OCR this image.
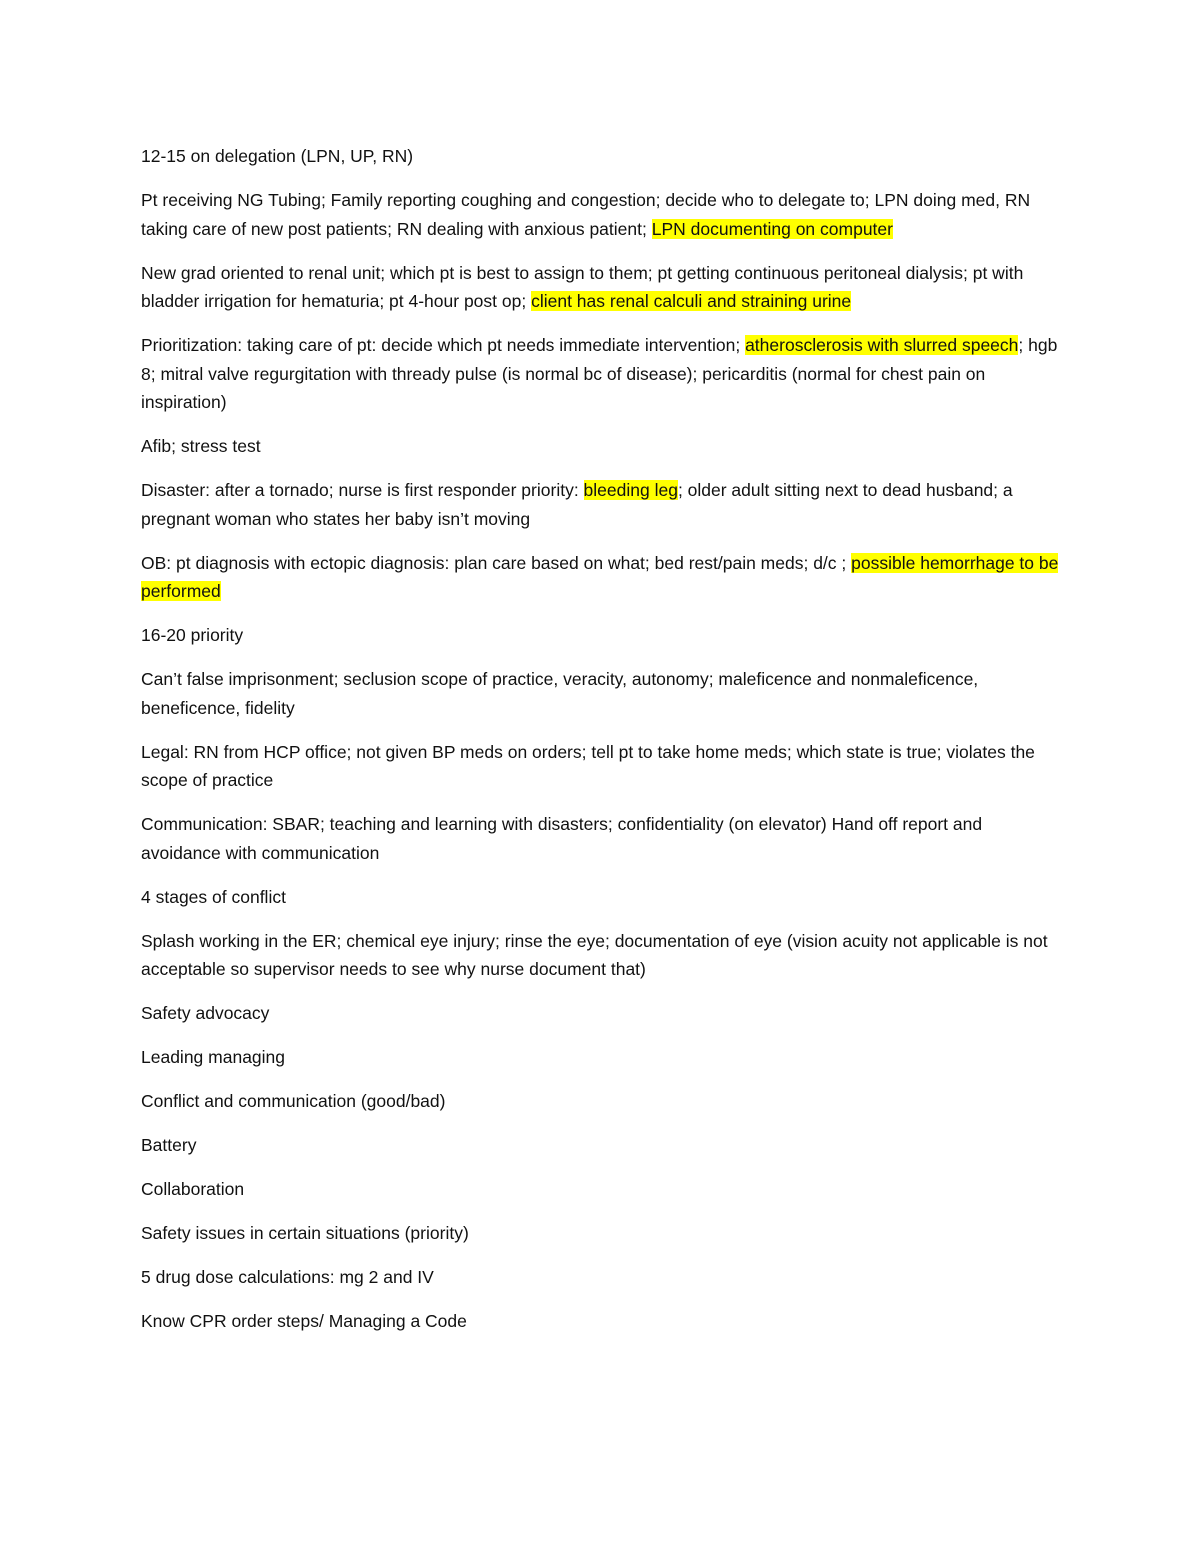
12-15 on delegation (LPN, UP, RN)

Pt receiving NG Tubing; Family reporting coughing and congestion; decide who to delegate to; LPN doing med, RN taking care of new post patients; RN dealing with anxious patient; LPN documenting on computer

New grad oriented to renal unit; which pt is best to assign to them; pt getting continuous peritoneal dialysis; pt with bladder irrigation for hematuria; pt 4-hour post op; client has renal calculi and straining urine

Prioritization: taking care of pt: decide which pt needs immediate intervention; atherosclerosis with slurred speech; hgb 8; mitral valve regurgitation with thready pulse (is normal bc of disease); pericarditis (normal for chest pain on inspiration)

Afib; stress test

Disaster: after a tornado; nurse is first responder priority: bleeding leg; older adult sitting next to dead husband; a pregnant woman who states her baby isn’t moving

OB: pt diagnosis with ectopic diagnosis: plan care based on what; bed rest/pain meds; d/c ; possible hemorrhage to be performed

16-20 priority

Can’t false imprisonment; seclusion scope of practice, veracity, autonomy; maleficence and nonmaleficence, beneficence, fidelity

Legal: RN from HCP office; not given BP meds on orders; tell pt to take home meds; which state is true; violates the scope of practice

Communication: SBAR; teaching and learning with disasters; confidentiality (on elevator) Hand off report and avoidance with communication

4 stages of conflict

Splash working in the ER; chemical eye injury; rinse the eye; documentation of eye (vision acuity not applicable is not acceptable so supervisor needs to see why nurse document that)

Safety advocacy

Leading managing

Conflict and communication (good/bad)

Battery

Collaboration

Safety issues in certain situations (priority)

5 drug dose calculations: mg 2 and IV

Know CPR order steps/ Managing a Code
